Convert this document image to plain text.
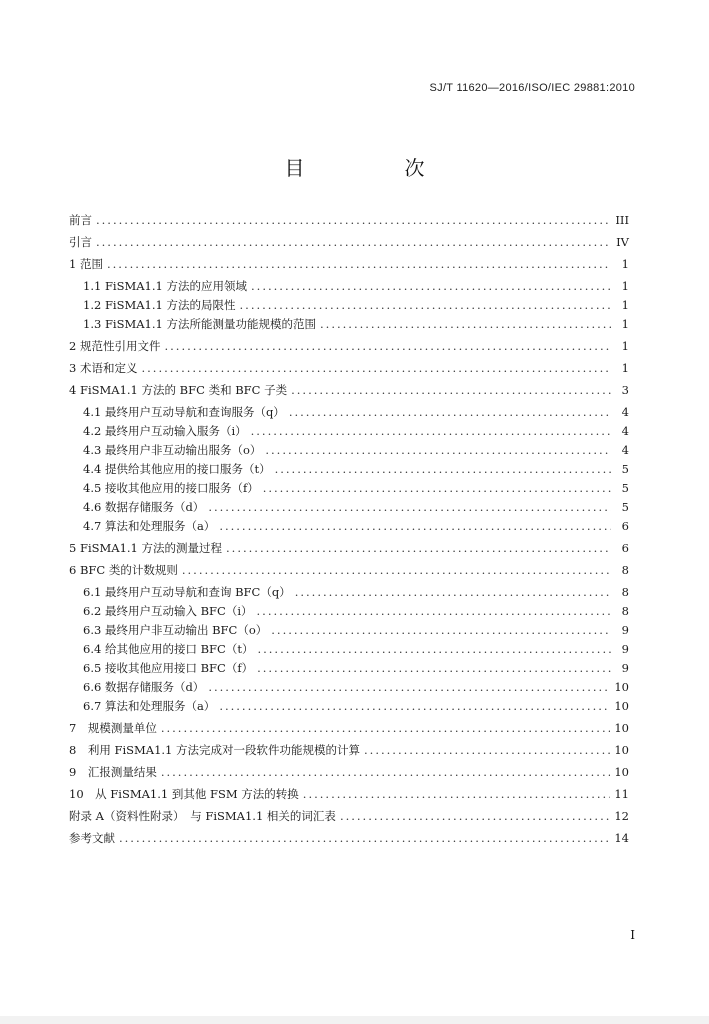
SJ/T 11620—2016/ISO/IEC 29881:2010
目　次
前言 .....	III
引言 .....	IV
1 范围 .....	1
1.1 FiSMA1.1 方法的应用领域 .....	1
1.2 FiSMA1.1 方法的局限性 .....	1
1.3 FiSMA1.1 方法所能测量功能规模的范围 .....	1
2 规范性引用文件 .....	1
3 术语和定义 .....	1
4 FiSMA1.1 方法的 BFC 类和 BFC 子类 .....	3
4.1 最终用户互动导航和查询服务（q） .....	4
4.2 最终用户互动输入服务（i） .....	4
4.3 最终用户非互动输出服务（o） .....	4
4.4 提供给其他应用的接口服务（t） .....	5
4.5 接收其他应用的接口服务（f） .....	5
4.6 数据存储服务（d） .....	5
4.7 算法和处理服务（a） .....	6
5 FiSMA1.1 方法的测量过程 .....	6
6 BFC 类的计数规则 .....	8
6.1 最终用户互动导航和查询 BFC（q） .....	8
6.2 最终用户互动输入 BFC（i） .....	8
6.3 最终用户非互动输出 BFC（o） .....	9
6.4 给其他应用的接口 BFC（t） .....	9
6.5 接收其他应用接口 BFC（f） .....	9
6.6 数据存储服务（d） .....	10
6.7 算法和处理服务（a） .....	10
7　规模测量单位 .....	10
8　利用 FiSMA1.1 方法完成对一段软件功能规模的计算 .....	10
9　汇报测量结果 .....	10
10　从 FiSMA1.1 到其他 FSM 方法的转换 .....	11
附录 A（资料性附录）　与 FiSMA1.1 相关的词汇表 .....	12
参考文献 .....	14
I
